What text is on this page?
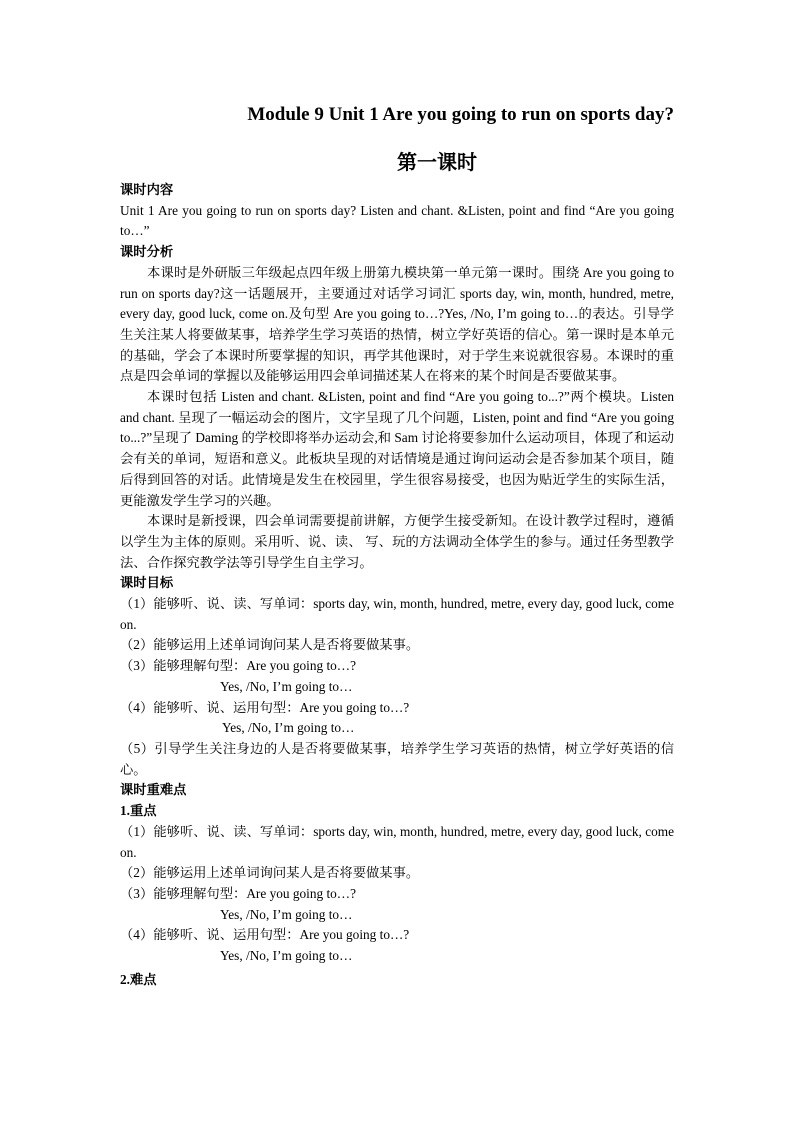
Module 9 Unit 1 Are you going to run on sports day?
第一课时

课时内容

Unit 1 Are you going to run on sports day? Listen and chant. &Listen, point and find “Are you going to…”

课时分析

本课时是外研版三年级起点四年级上册第九模块第一单元第一课时。围绕 Are you going to run on sports day?这一话题展开，主要通过对话学习词汇 sports day, win, month, hundred, metre, every day, good luck, come on.及句型 Are you going to…?Yes, /No, I’m going to…的表达。引导学生关注某人将要做某事，培养学生学习英语的热情，树立学好英语的信心。第一课时是本单元的基础，学会了本课时所要掌握的知识，再学其他课时，对于学生来说就很容易。本课时的重点是四会单词的掌握以及能够运用四会单词描述某人在将来的某个时间是否要做某事。

本课时包括 Listen and chant. &Listen, point and find “Are you going to...?”两个模块。Listen and chant. 呈现了一幅运动会的图片，文字呈现了几个问题，Listen, point and find “Are you going to...?”呈现了 Daming 的学校即将举办运动会,和 Sam 讨论将要参加什么运动项目，体现了和运动会有关的单词，短语和意义。此板块呈现的对话情境是通过询问运动会是否参加某个项目，随后得到回答的对话。此情境是发生在校园里，学生很容易接受，也因为贴近学生的实际生活，更能激发学生学习的兴趣。

本课时是新授课，四会单词需要提前讲解，方便学生接受新知。在设计教学过程时，遵循以学生为主体的原则。采用听、说、读、 写、玩的方法调动全体学生的参与。通过任务型教学法、合作探究教学法等引导学生自主学习。

课时目标

（1）能够听、说、读、写单词：sports day, win, month, hundred, metre, every day, good luck, come on.

（2）能够运用上述单词询问某人是否将要做某事。

（3）能够理解句型：Are you going to…?

Yes, /No, I’m going to…

（4）能够听、说、运用句型：Are you going to…?

Yes, /No, I’m going to…

（5）引导学生关注身边的人是否将要做某事，培养学生学习英语的热情，树立学好英语的信心。

课时重难点

1.重点

（1）能够听、说、读、写单词：sports day, win, month, hundred, metre, every day, good luck, come on.

（2）能够运用上述单词询问某人是否将要做某事。

（3）能够理解句型：Are you going to…?

Yes, /No, I’m going to…

（4）能够听、说、运用句型：Are you going to…?

Yes, /No, I’m going to…

2.难点
